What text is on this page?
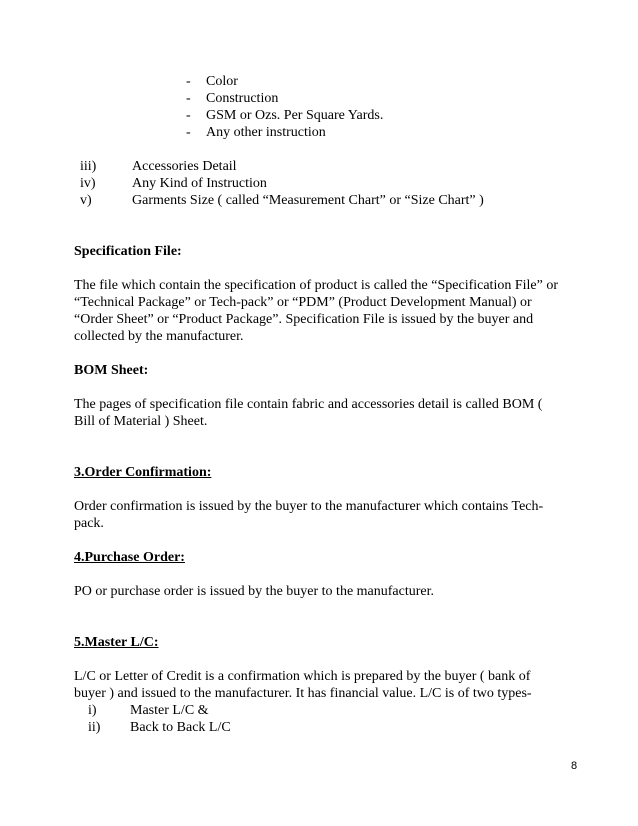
- Color
- Construction
- GSM or Ozs. Per Square Yards.
- Any other instruction
iii)	Accessories Detail
iv)	Any Kind of Instruction
v)	Garments Size ( called “Measurement Chart” or “Size Chart” )
Specification File:
The file which contain the specification of product is called the “Specification File” or
“Technical Package” or Tech-pack” or “PDM” (Product Development Manual) or
“Order Sheet” or “Product Package”. Specification File is issued by the buyer and
collected by the manufacturer.
BOM Sheet:
The pages of specification file contain fabric and accessories detail is called BOM (
Bill of Material ) Sheet.
3.Order Confirmation:
Order confirmation is issued by the buyer to the manufacturer which contains Tech-
pack.
4.Purchase Order:
PO or purchase order is issued by the buyer to the manufacturer.
5.Master L/C:
L/C or Letter of Credit is a confirmation which is prepared by the buyer ( bank of
buyer ) and issued to the manufacturer. It has financial value. L/C is of two types-
i) Master L/C &
ii) Back to Back L/C
8
